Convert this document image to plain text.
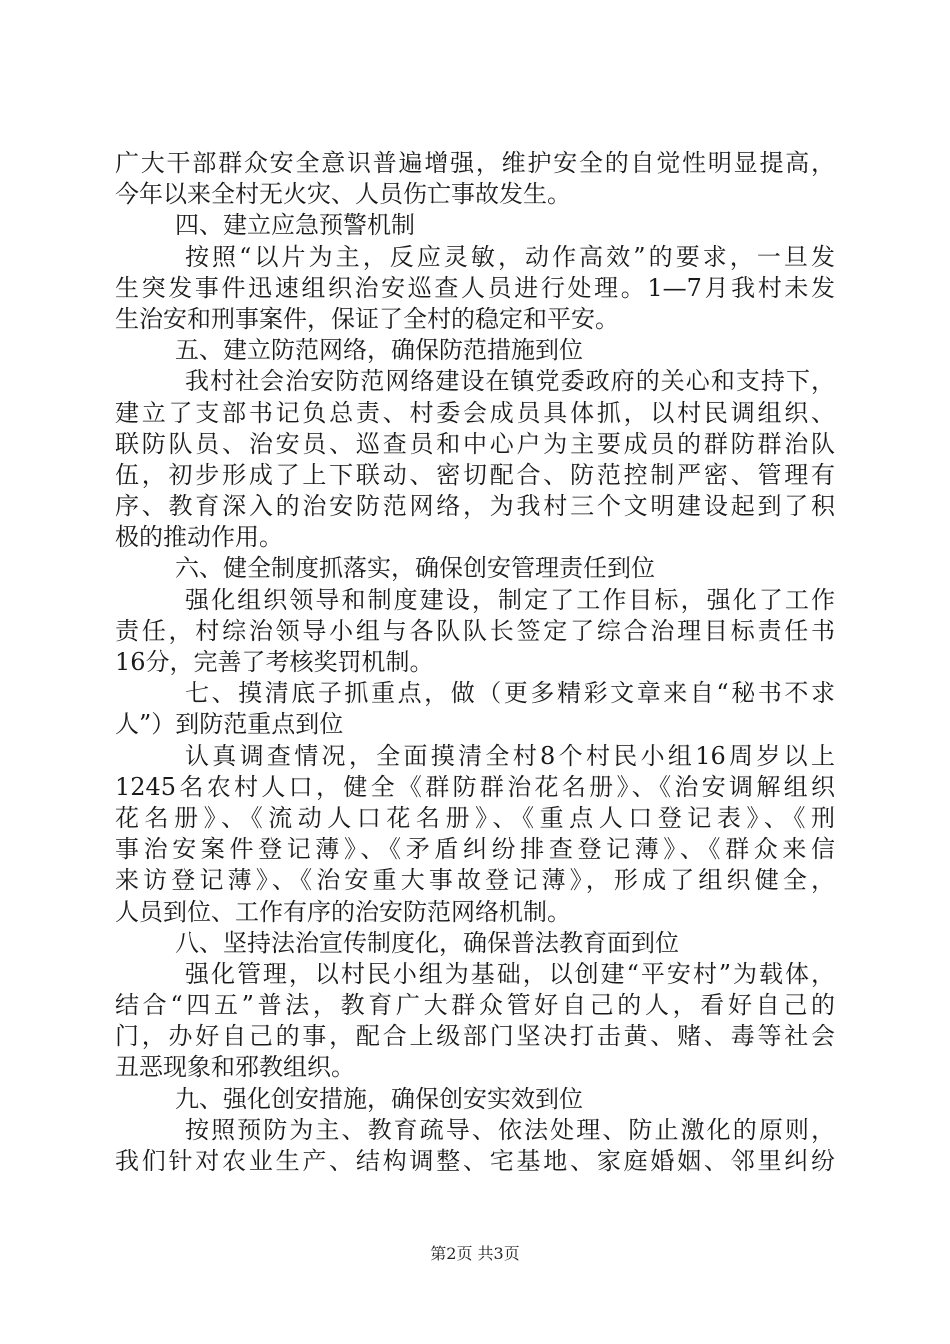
广大干部群众安全意识普遍增强，维护安全的自觉性明显提高，
今年以来全村无火灾、人员伤亡事故发生。
四、建立应急预警机制
按照“以片为主，反应灵敏，动作高效”的要求，一旦发
生突发事件迅速组织治安巡查人员进行处理。1—7月我村未发
生治安和刑事案件，保证了全村的稳定和平安。
五、建立防范网络，确保防范措施到位
我村社会治安防范网络建设在镇党委政府的关心和支持下，
建立了支部书记负总责、村委会成员具体抓，以村民调组织、
联防队员、治安员、巡查员和中心户为主要成员的群防群治队
伍，初步形成了上下联动、密切配合、防范控制严密、管理有
序、教育深入的治安防范网络，为我村三个文明建设起到了积
极的推动作用。
六、健全制度抓落实，确保创安管理责任到位
强化组织领导和制度建设，制定了工作目标，强化了工作
责任，村综治领导小组与各队队长签定了综合治理目标责任书
16分，完善了考核奖罚机制。
七、摸清底子抓重点，做（更多精彩文章来自“秘书不求
人”）到防范重点到位
认真调查情况，全面摸清全村8个村民小组16周岁以上
1245名农村人口，健全《群防群治花名册》、《治安调解组织
花名册》、《流动人口花名册》、《重点人口登记表》、《刑
事治安案件登记薄》、《矛盾纠纷排查登记薄》、《群众来信
来访登记薄》、《治安重大事故登记薄》，形成了组织健全，
人员到位、工作有序的治安防范网络机制。
八、坚持法治宣传制度化，确保普法教育面到位
强化管理，以村民小组为基础，以创建“平安村”为载体，
结合“四五”普法，教育广大群众管好自己的人，看好自己的
门，办好自己的事，配合上级部门坚决打击黄、赌、毒等社会
丑恶现象和邪教组织。
九、强化创安措施，确保创安实效到位
按照预防为主、教育疏导、依法处理、防止激化的原则，
我们针对农业生产、结构调整、宅基地、家庭婚姻、邻里纠纷
第2页 共3页
